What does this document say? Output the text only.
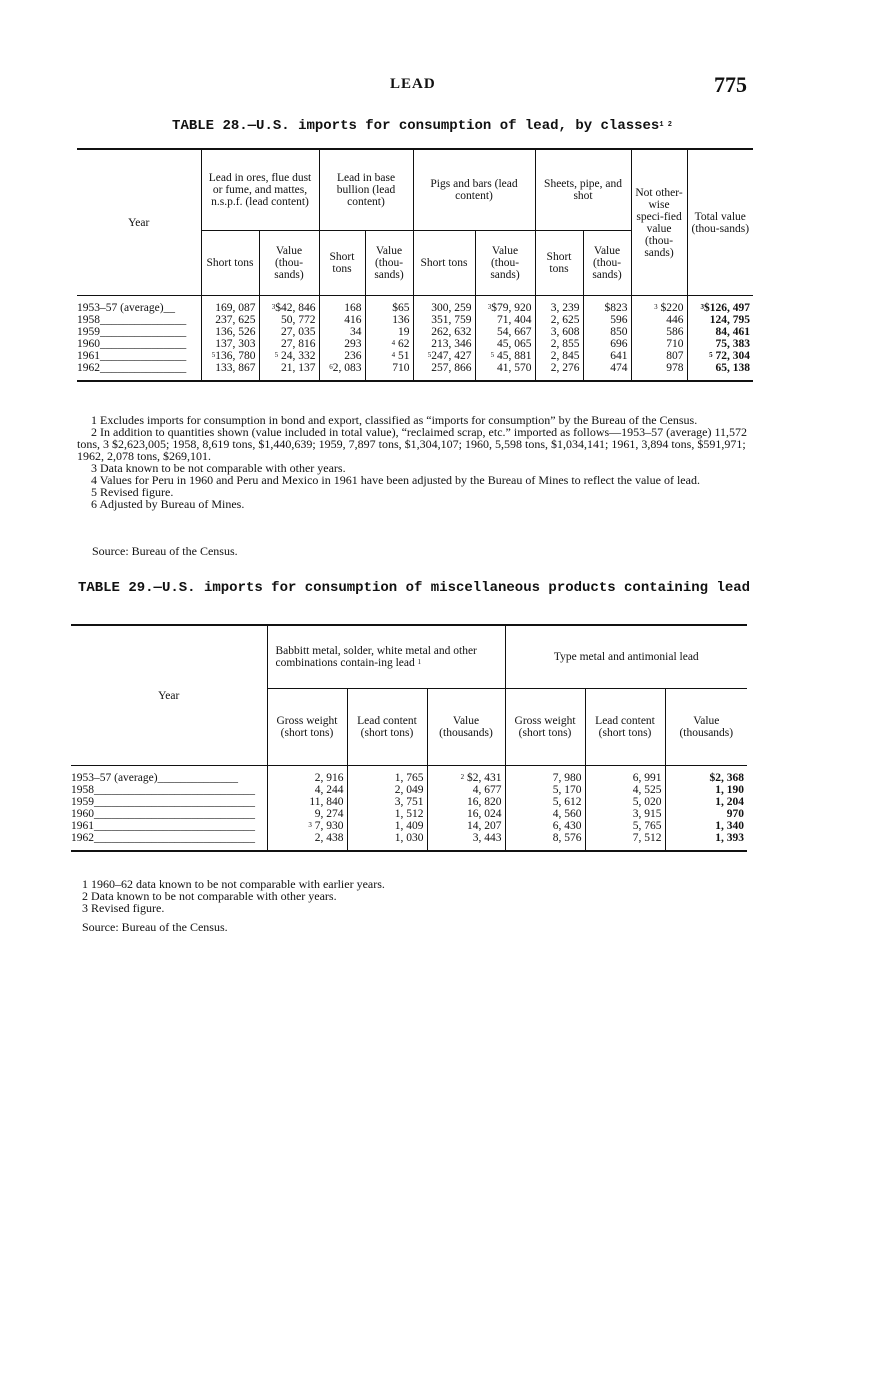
LEAD	775
TABLE 28.—U.S. imports for consumption of lead, by classes$^{1 2}$
Year	Lead in ores, flue dust or fume, and mattes, n.s.p.f. (lead content)		Lead in base bullion (lead content)		Pigs and bars (lead content)		Sheets, pipe, and shot		Not other-wise speci-fied value (thou-sands)	Total value (thou-sands)
	Short tons	Value (thou-sands)	Short tons	Value (thou-sands)	Short tons	Value (thou-sands)	Short tons	Value (thou-sands)		
1953–57 (average)__	169, 087	$^3$\$42, 846	168	$65	300, 259	$^3$\$79, 920	3, 239	$823	$^3$ $220	$^3$\$126, 497
1958_______________	237, 625	50, 772	416	136	351, 759	71, 404	2, 625	596	446	124, 795
1959_______________	136, 526	27, 035	34	19	262, 632	54, 667	3, 608	850	586	84, 461
1960_______________	137, 303	27, 816	293	$^4$ 62	213, 346	45, 065	2, 855	696	710	75, 383
1961_______________	$^5$136, 780	$^5$ 24, 332	236	$^4$ 51	$^5$247, 427	$^5$ 45, 881	2, 845	641	807	$^5$ 72, 304
1962_______________	133, 867	21, 137	$^6$2, 083	710	257, 866	41, 570	2, 276	474	978	65, 138

1 Excludes imports for consumption in bond and export, classified as “imports for consumption” by the Bureau of the Census.

2 In addition to quantities shown (value included in total value), “reclaimed scrap, etc.” imported as follows—1953–57 (average) 11,572 tons, 3 $2,623,005; 1958, 8,619 tons, $1,440,639; 1959, 7,897 tons, $1,304,107; 1960, 5,598 tons, $1,034,141; 1961, 3,894 tons, $591,971; 1962, 2,078 tons, $269,101.

3 Data known to be not comparable with other years.

4 Values for Peru in 1960 and Peru and Mexico in 1961 have been adjusted by the Bureau of Mines to reflect the value of lead.

5 Revised figure.

6 Adjusted by Bureau of Mines.

Source: Bureau of the Census.
TABLE 29.—U.S. imports for consumption of miscellaneous products containing lead
Year	Babbitt metal, solder, white metal and other combinations contain-ing lead $^1$			Type metal and antimonial lead		
	Gross weight (short tons)	Lead content (short tons)	Value (thousands)	Gross weight (short tons)	Lead content (short tons)	Value (thousands)
1953–57 (average)______________	2, 916	1, 765	$^2$ $2, 431	7, 980	6, 991	$2, 368
1958____________________________	4, 244	2, 049	4, 677	5, 170	4, 525	1, 190
1959____________________________	11, 840	3, 751	16, 820	5, 612	5, 020	1, 204
1960____________________________	9, 274	1, 512	16, 024	4, 560	3, 915	970
1961____________________________	$^3$ 7, 930	1, 409	14, 207	6, 430	5, 765	1, 340
1962____________________________	2, 438	1, 030	3, 443	8, 576	7, 512	1, 393

1 1960–62 data known to be not comparable with earlier years.

2 Data known to be not comparable with other years.

3 Revised figure.

Source: Bureau of the Census.
